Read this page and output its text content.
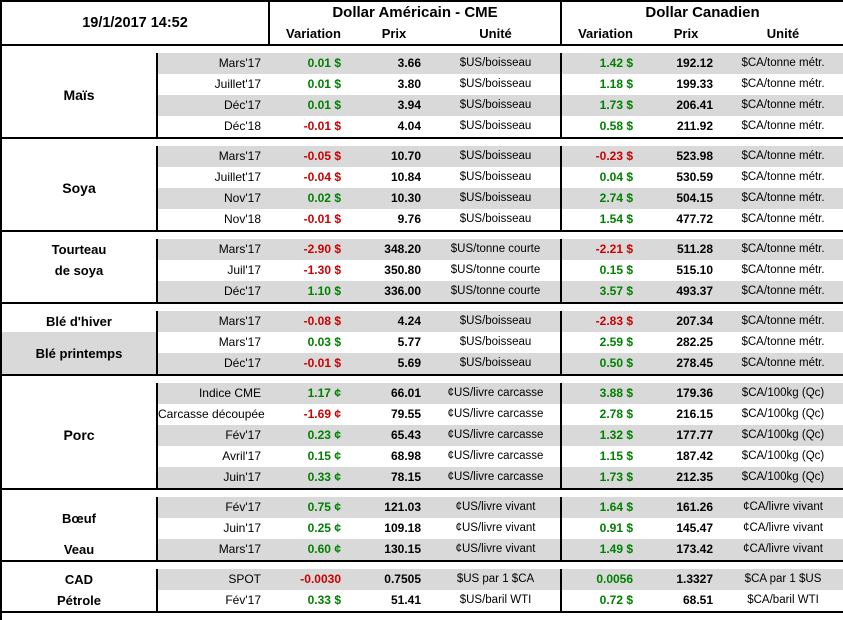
19/1/2017 14:52		Dollar Américain - CME			Dollar Canadien		
		Variation	Prix	Unité	Variation	Prix	Unité

Maïs	Mars'17	0.01 $	3.66	$US/boisseau	1.42 $	192.12	$CA/tonne métr.
	Juillet'17	0.01 $	3.80	$US/boisseau	1.18 $	199.33	$CA/tonne métr.
	Déc'17	0.01 $	3.94	$US/boisseau	1.73 $	206.41	$CA/tonne métr.
	Déc'18	-0.01 $	4.04	$US/boisseau	0.58 $	211.92	$CA/tonne métr.

Soya	Mars'17	-0.05 $	10.70	$US/boisseau	-0.23 $	523.98	$CA/tonne métr.
	Juillet'17	-0.04 $	10.84	$US/boisseau	0.04 $	530.59	$CA/tonne métr.
	Nov'17	0.02 $	10.30	$US/boisseau	2.74 $	504.15	$CA/tonne métr.
	Nov'18	-0.01 $	9.76	$US/boisseau	1.54 $	477.72	$CA/tonne métr.

Tourteau	Mars'17	-2.90 $	348.20	$US/tonne courte	-2.21 $	511.28	$CA/tonne métr.
de soya	Juil'17	-1.30 $	350.80	$US/tonne courte	0.15 $	515.10	$CA/tonne métr.
	Déc'17	1.10 $	336.00	$US/tonne courte	3.57 $	493.37	$CA/tonne métr.

Blé d'hiver	Mars'17	-0.08 $	4.24	$US/boisseau	-2.83 $	207.34	$CA/tonne métr.
Blé printemps	Mars'17	0.03 $	5.77	$US/boisseau	2.59 $	282.25	$CA/tonne métr.
	Déc'17	-0.01 $	5.69	$US/boisseau	0.50 $	278.45	$CA/tonne métr.

Porc	Indice CME	1.17 ¢	66.01	¢US/livre carcasse	3.88 $	179.36	$CA/100kg (Qc)
	Carcasse découpée	-1.69 ¢	79.55	¢US/livre carcasse	2.78 $	216.15	$CA/100kg (Qc)
	Fév'17	0.23 ¢	65.43	¢US/livre carcasse	1.32 $	177.77	$CA/100kg (Qc)
	Avril'17	0.15 ¢	68.98	¢US/livre carcasse	1.15 $	187.42	$CA/100kg (Qc)
	Juin'17	0.33 ¢	78.15	¢US/livre carcasse	1.73 $	212.35	$CA/100kg (Qc)

Bœuf	Fév'17	0.75 ¢	121.03	¢US/livre vivant	1.64 $	161.26	¢CA/livre vivant
	Juin'17	0.25 ¢	109.18	¢US/livre vivant	0.91 $	145.47	¢CA/livre vivant
Veau	Mars'17	0.60 ¢	130.15	¢US/livre vivant	1.49 $	173.42	¢CA/livre vivant

CAD	SPOT	-0.0030	0.7505	$US par 1 $CA	0.0056	1.3327	$CA par 1 $US
Pétrole	Fév'17	0.33 $	51.41	$US/baril WTI	0.72 $	68.51	$CA/baril WTI
